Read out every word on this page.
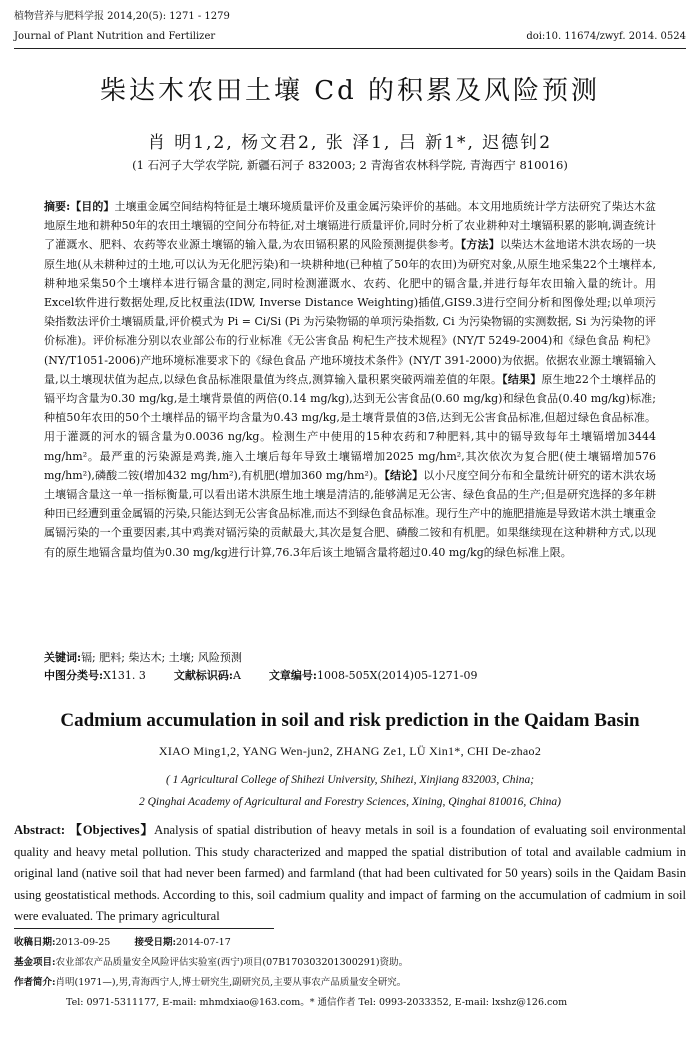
植物营养与肥料学报 2014,20(5): 1271 - 1279
Journal of Plant Nutrition and Fertilizer	doi:10. 11674/zwyf. 2014. 0524
柴达木农田土壤 Cd 的积累及风险预测
肖 明1,2, 杨文君2, 张 泽1, 吕 新1*, 迟德钊2
(1 石河子大学农学院, 新疆石河子 832003; 2 青海省农林科学院, 青海西宁 810016)
摘要:【目的】土壤重金属空间结构特征是土壤环境质量评价及重金属污染评价的基础。本文用地质统计学方法研究了柴达木盆地原生地和耕种50年的农田土壤镉的空间分布特征,对土壤镉进行质量评价,同时分析了农业耕种对土壤镉积累的影响,调查统计了灌溉水、肥料、农药等农业源土壤镉的输入量,为农田镉积累的风险预测提供参考。【方法】以柴达木盆地诺木洪农场的一块原生地(从未耕种过的土地,可以认为无化肥污染)和一块耕种地(已种植了50年的农田)为研究对象,从原生地采集22个土壤样本,耕种地采集50个土壤样本进行镉含量的测定,同时检测灌溉水、农药、化肥中的镉含量,并进行每年农田输入量的统计。用Excel软件进行数据处理,反比权重法(IDW, Inverse Distance Weighting)插值,GIS9.3进行空间分析和图像处理;以单项污染指数法评价土壤镉质量,评价模式为 Pi = Ci/Si (Pi 为污染物镉的单项污染指数, Ci 为污染物镉的实测数据, Si 为污染物的评价标准)。评价标准分别以农业部公布的行业标准《无公害食品 枸杞生产技术规程》(NY/T 5249-2004)和《绿色食品 枸杞》(NY/T1051-2006)产地环境标准要求下的《绿色食品 产地环境技术条件》(NY/T 391-2000)为依据。依据农业源土壤镉输入量,以土壤现状值为起点,以绿色食品标准限量值为终点,测算输入量积累突破两端差值的年限。【结果】原生地22个土壤样品的镉平均含量为0.30 mg/kg,是土壤背景值的两倍(0.14 mg/kg),达到无公害食品(0.60 mg/kg)和绿色食品(0.40 mg/kg)标准;种植50年农田的50个土壤样品的镉平均含量为0.43 mg/kg,是土壤背景值的3倍,达到无公害食品标准,但超过绿色食品标准。用于灌溉的河水的镉含量为0.0036 ng/kg。检测生产中使用的15种农药和7种肥料,其中的镉导致每年土壤镉增加3444 mg/hm²。最严重的污染源是鸡粪,施入土壤后每年导致土壤镉增加2025 mg/hm²,其次依次为复合肥(使土壤镉增加576 mg/hm²),磷酸二铵(增加432 mg/hm²),有机肥(增加360 mg/hm²)。【结论】以小尺度空间分布和全量统计研究的诺木洪农场土壤镉含量这一单一指标衡量,可以看出诺木洪原生地土壤是清洁的,能够满足无公害、绿色食品的生产;但是研究选择的多年耕种田已经遭到重金属镉的污染,只能达到无公害食品标准,而达不到绿色食品标准。现行生产中的施肥措施是导致诺木洪土壤重金属镉污染的一个重要因素,其中鸡粪对镉污染的贡献最大,其次是复合肥、磷酸二铵和有机肥。如果继续现在这种耕种方式,以现有的原生地镉含量均值为0.30 mg/kg进行计算,76.3年后该土地镉含量将超过0.40 mg/kg的绿色标准上限。
关键词:镉; 肥料; 柴达木; 土壤; 风险预测
中图分类号:X131. 3	文献标识码:A	文章编号:1008-505X(2014)05-1271-09
Cadmium accumulation in soil and risk prediction in the Qaidam Basin
XIAO Ming1,2, YANG Wen-jun2, ZHANG Ze1, LÜ Xin1*, CHI De-zhao2
( 1 Agricultural College of Shihezi University, Shihezi, Xinjiang 832003, China;
2 Qinghai Academy of Agricultural and Forestry Sciences, Xining, Qinghai 810016, China)
Abstract: 【Objectives】Analysis of spatial distribution of heavy metals in soil is a foundation of evaluating soil environmental quality and heavy metal pollution. This study characterized and mapped the spatial distribution of total and available cadmium in original land (native soil that had never been farmed) and farmland (that had been cultivated for 50 years) soils in the Qaidam Basin using geostatistical methods. According to this, soil cadmium quality and impact of farming on the accumulation of cadmium in soil were evaluated. The primary agricultural
收稿日期:2013-09-25	接受日期:2014-07-17
基金项目:农业部农产品质量安全风险评估实验室(西宁)项目(07B170303201300291)资助。
作者简介:肖明(1971—),男,青海西宁人,博士研究生,副研究员,主要从事农产品质量安全研究。
Tel: 0971-5311177, E-mail: mhmdxiao@163.com。* 通信作者 Tel: 0993-2033352, E-mail: lxshz@126.com
